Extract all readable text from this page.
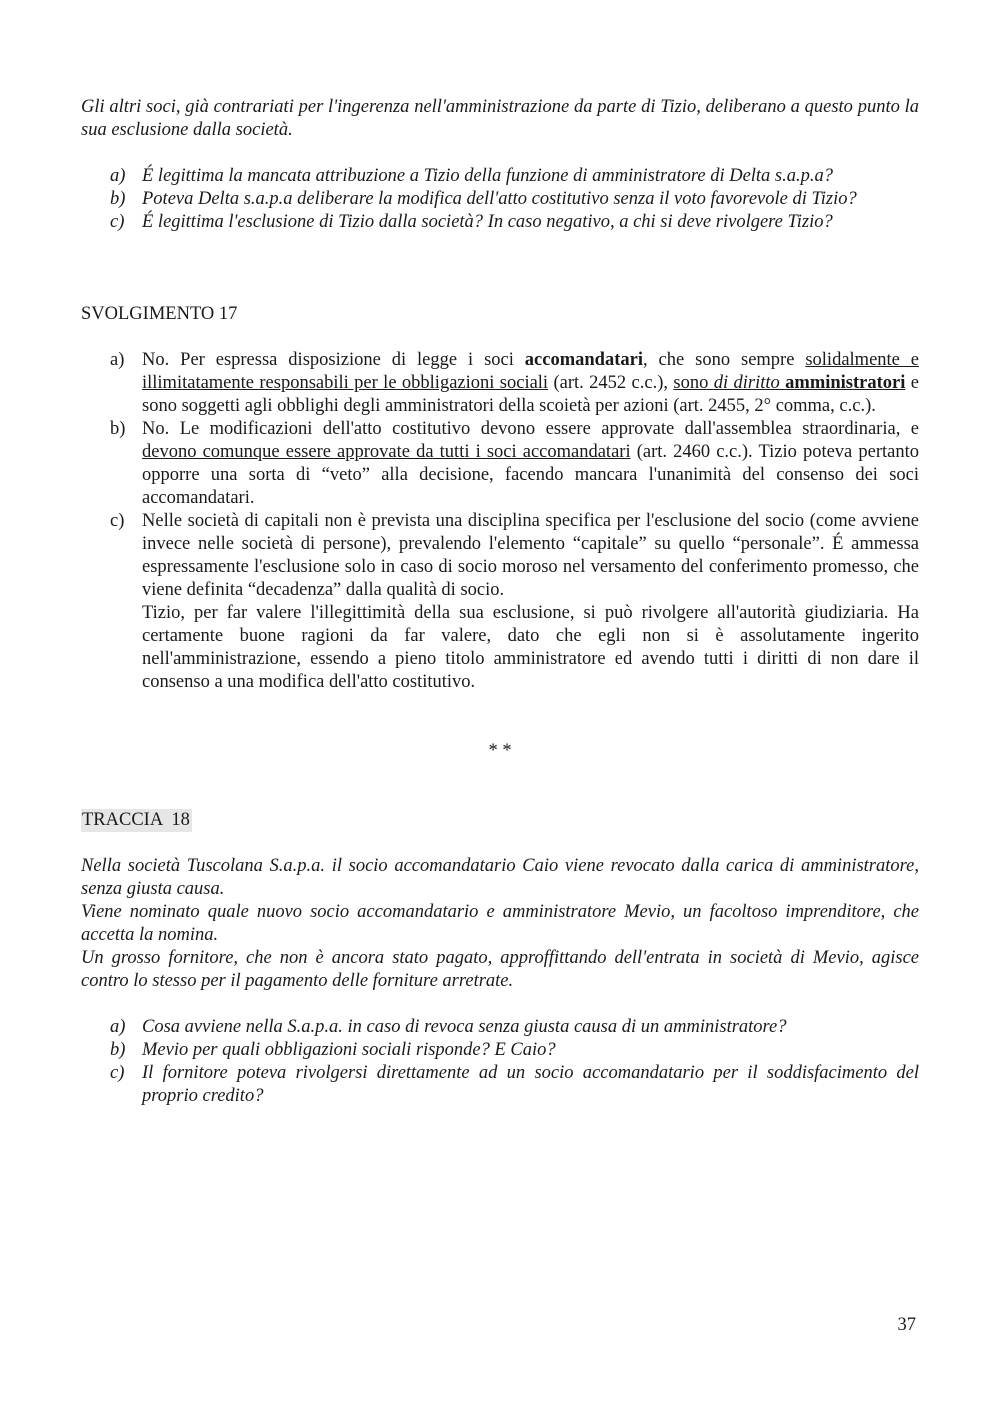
Gli altri soci, già contrariati per l'ingerenza nell'amministrazione da parte di Tizio, deliberano a questo punto la sua esclusione dalla società.

a) É legittima la mancata attribuzione a Tizio della funzione di amministratore di Delta s.a.p.a?
b) Poteva Delta s.a.p.a deliberare la modifica dell'atto costitutivo senza il voto favorevole di Tizio?
c) É legittima l'esclusione di Tizio dalla società? In caso negativo, a chi si deve rivolgere Tizio?

SVOLGIMENTO 17

a) No. Per espressa disposizione di legge i soci accomandatari, che sono sempre solidalmente e illimitatamente responsabili per le obbligazioni sociali (art. 2452 c.c.), sono di diritto amministratori e sono soggetti agli obblighi degli amministratori della scoietà per azioni (art. 2455, 2° comma, c.c.).
b) No. Le modificazioni dell'atto costitutivo devono essere approvate dall'assemblea straordinaria, e devono comunque essere approvate da tutti i soci accomandatari (art. 2460 c.c.). Tizio poteva pertanto opporre una sorta di “veto” alla decisione, facendo mancara l'unanimità del consenso dei soci accomandatari.
c) Nelle società di capitali non è prevista una disciplina specifica per l'esclusione del socio (come avviene invece nelle società di persone), prevalendo l'elemento “capitale” su quello “personale”. É ammessa espressamente l'esclusione solo in caso di socio moroso nel versamento del conferimento promesso, che viene definita “decadenza” dalla qualità di socio.
Tizio, per far valere l'illegittimità della sua esclusione, si può rivolgere all'autorità giudiziaria. Ha certamente buone ragioni da far valere, dato che egli non si è assolutamente ingerito nell'amministrazione, essendo a pieno titolo amministratore ed avendo tutti i diritti di non dare il consenso a una modifica dell'atto costitutivo.

* *

TRACCIA  18

Nella società Tuscolana S.a.p.a. il socio accomandatario Caio viene revocato dalla carica di amministratore, senza giusta causa.

Viene nominato quale nuovo socio accomandatario e amministratore Mevio, un facoltoso imprenditore, che accetta la nomina.

Un grosso fornitore, che non è ancora stato pagato, approffittando dell'entrata in società di Mevio, agisce contro lo stesso per il pagamento delle forniture arretrate.

a) Cosa avviene nella S.a.p.a. in caso di revoca senza giusta causa di un amministratore?
b) Mevio per quali obbligazioni sociali risponde? E Caio?
c) Il fornitore poteva rivolgersi direttamente ad un socio accomandatario per il soddisfacimento del proprio credito?
37
